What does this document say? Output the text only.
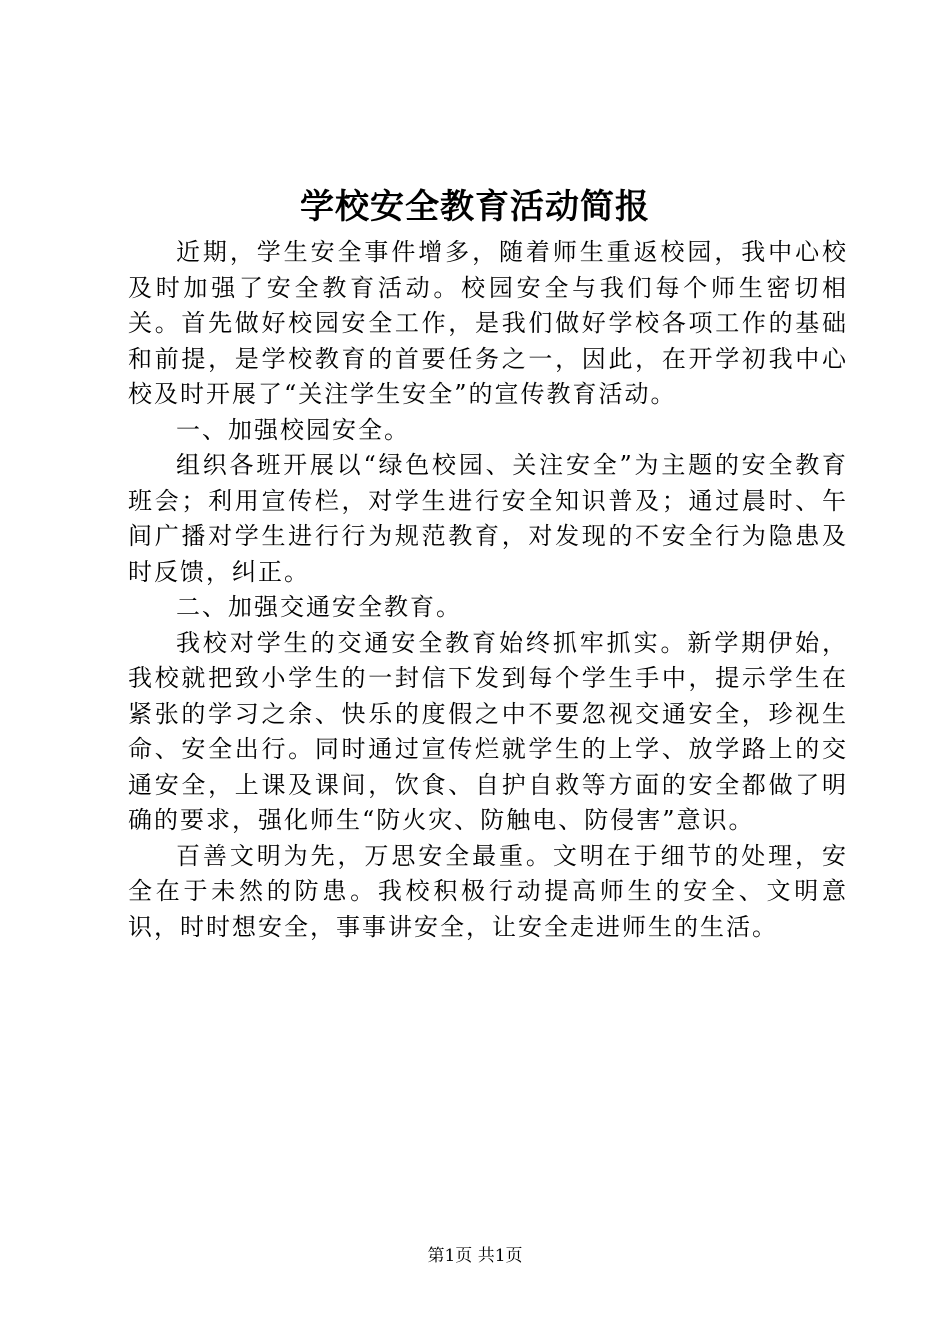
学校安全教育活动简报

近期，学生安全事件增多，随着师生重返校园，我中心校及时加强了安全教育活动。校园安全与我们每个师生密切相关。首先做好校园安全工作，是我们做好学校各项工作的基础和前提，是学校教育的首要任务之一，因此，在开学初我中心校及时开展了“关注学生安全”的宣传教育活动。

一、加强校园安全。

组织各班开展以“绿色校园、关注安全”为主题的安全教育班会；利用宣传栏，对学生进行安全知识普及；通过晨时、午间广播对学生进行行为规范教育，对发现的不安全行为隐患及时反馈，纠正。

二、加强交通安全教育。

我校对学生的交通安全教育始终抓牢抓实。新学期伊始，我校就把致小学生的一封信下发到每个学生手中，提示学生在紧张的学习之余、快乐的度假之中不要忽视交通安全，珍视生命、安全出行。同时通过宣传烂就学生的上学、放学路上的交通安全，上课及课间，饮食、自护自救等方面的安全都做了明确的要求，强化师生“防火灾、防触电、防侵害”意识。

百善文明为先，万思安全最重。文明在于细节的处理，安全在于未然的防患。我校积极行动提高师生的安全、文明意识，时时想安全，事事讲安全，让安全走进师生的生活。

第1页 共1页
